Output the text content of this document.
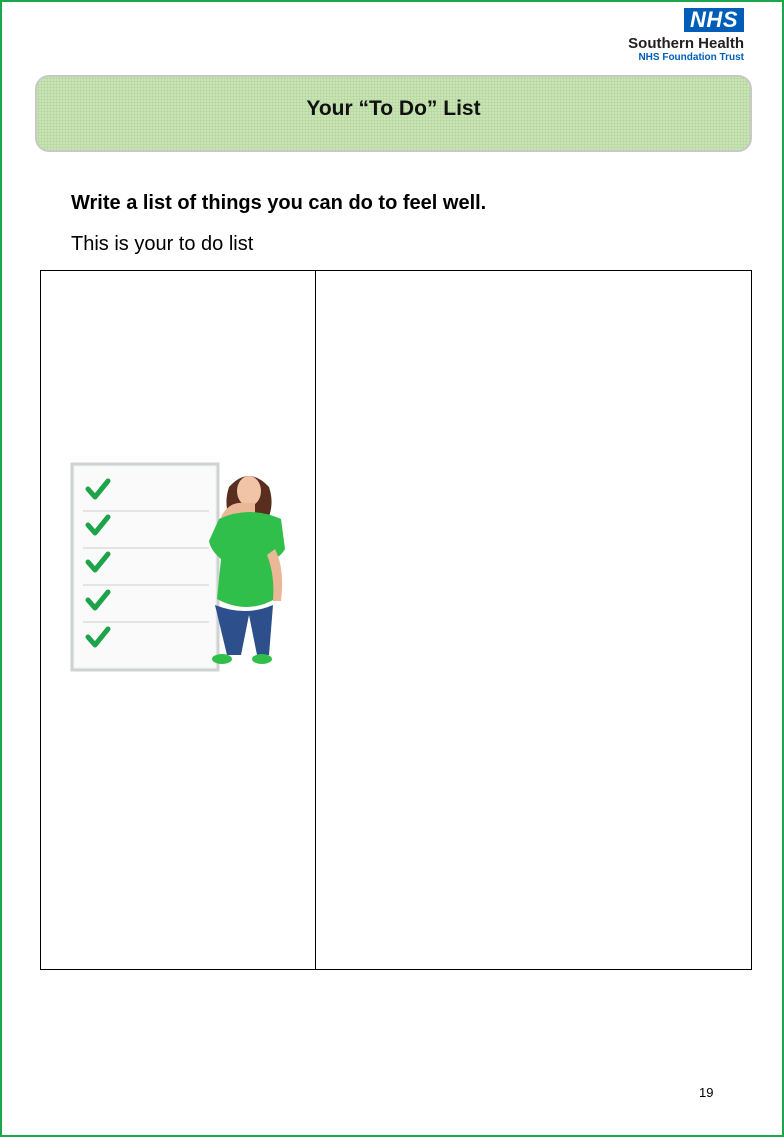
NHS
Southern Health
NHS Foundation Trust
Your “To Do” List
Write a list of things you can do to feel well.
This is your to do list
19
